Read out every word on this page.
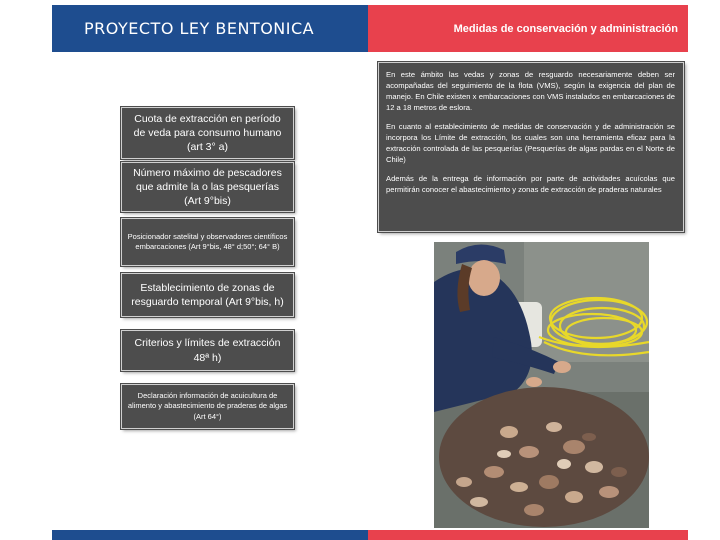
PROYECTO LEY BENTONICA	Medidas de conservación y administración
Cuota de extracción en período de veda para consumo humano (art 3° a)
Número máximo de pescadores que admite la o las pesquerías (Art 9°bis)
Posicionador satelital y observadores científicos embarcaciones (Art 9°bis, 48° d;50°; 64° B)
Establecimiento de zonas de resguardo temporal (Art 9°bis, h)
Criterios y límites de extracción 48ª h)
Declaración información de acuicultura de alimento y abastecimiento de praderas de algas (Art 64°)

En este ámbito las vedas y zonas de resguardo necesariamente deben ser acompañadas del seguimiento de la flota (VMS), según la exigencia del plan de manejo. En Chile existen x embarcaciones con VMS instalados en embarcaciones de 12 a 18 metros de eslora.

En cuanto al establecimiento de medidas de conservación y de administración se incorpora los Límite de extracción, los cuales son una herramienta eficaz para la extracción controlada de las pesquerías (Pesquerías de algas pardas en el Norte de Chile)

Además de la entrega de información por parte de actividades acuícolas que permitirán conocer el abastecimiento y zonas de extracción de praderas naturales
